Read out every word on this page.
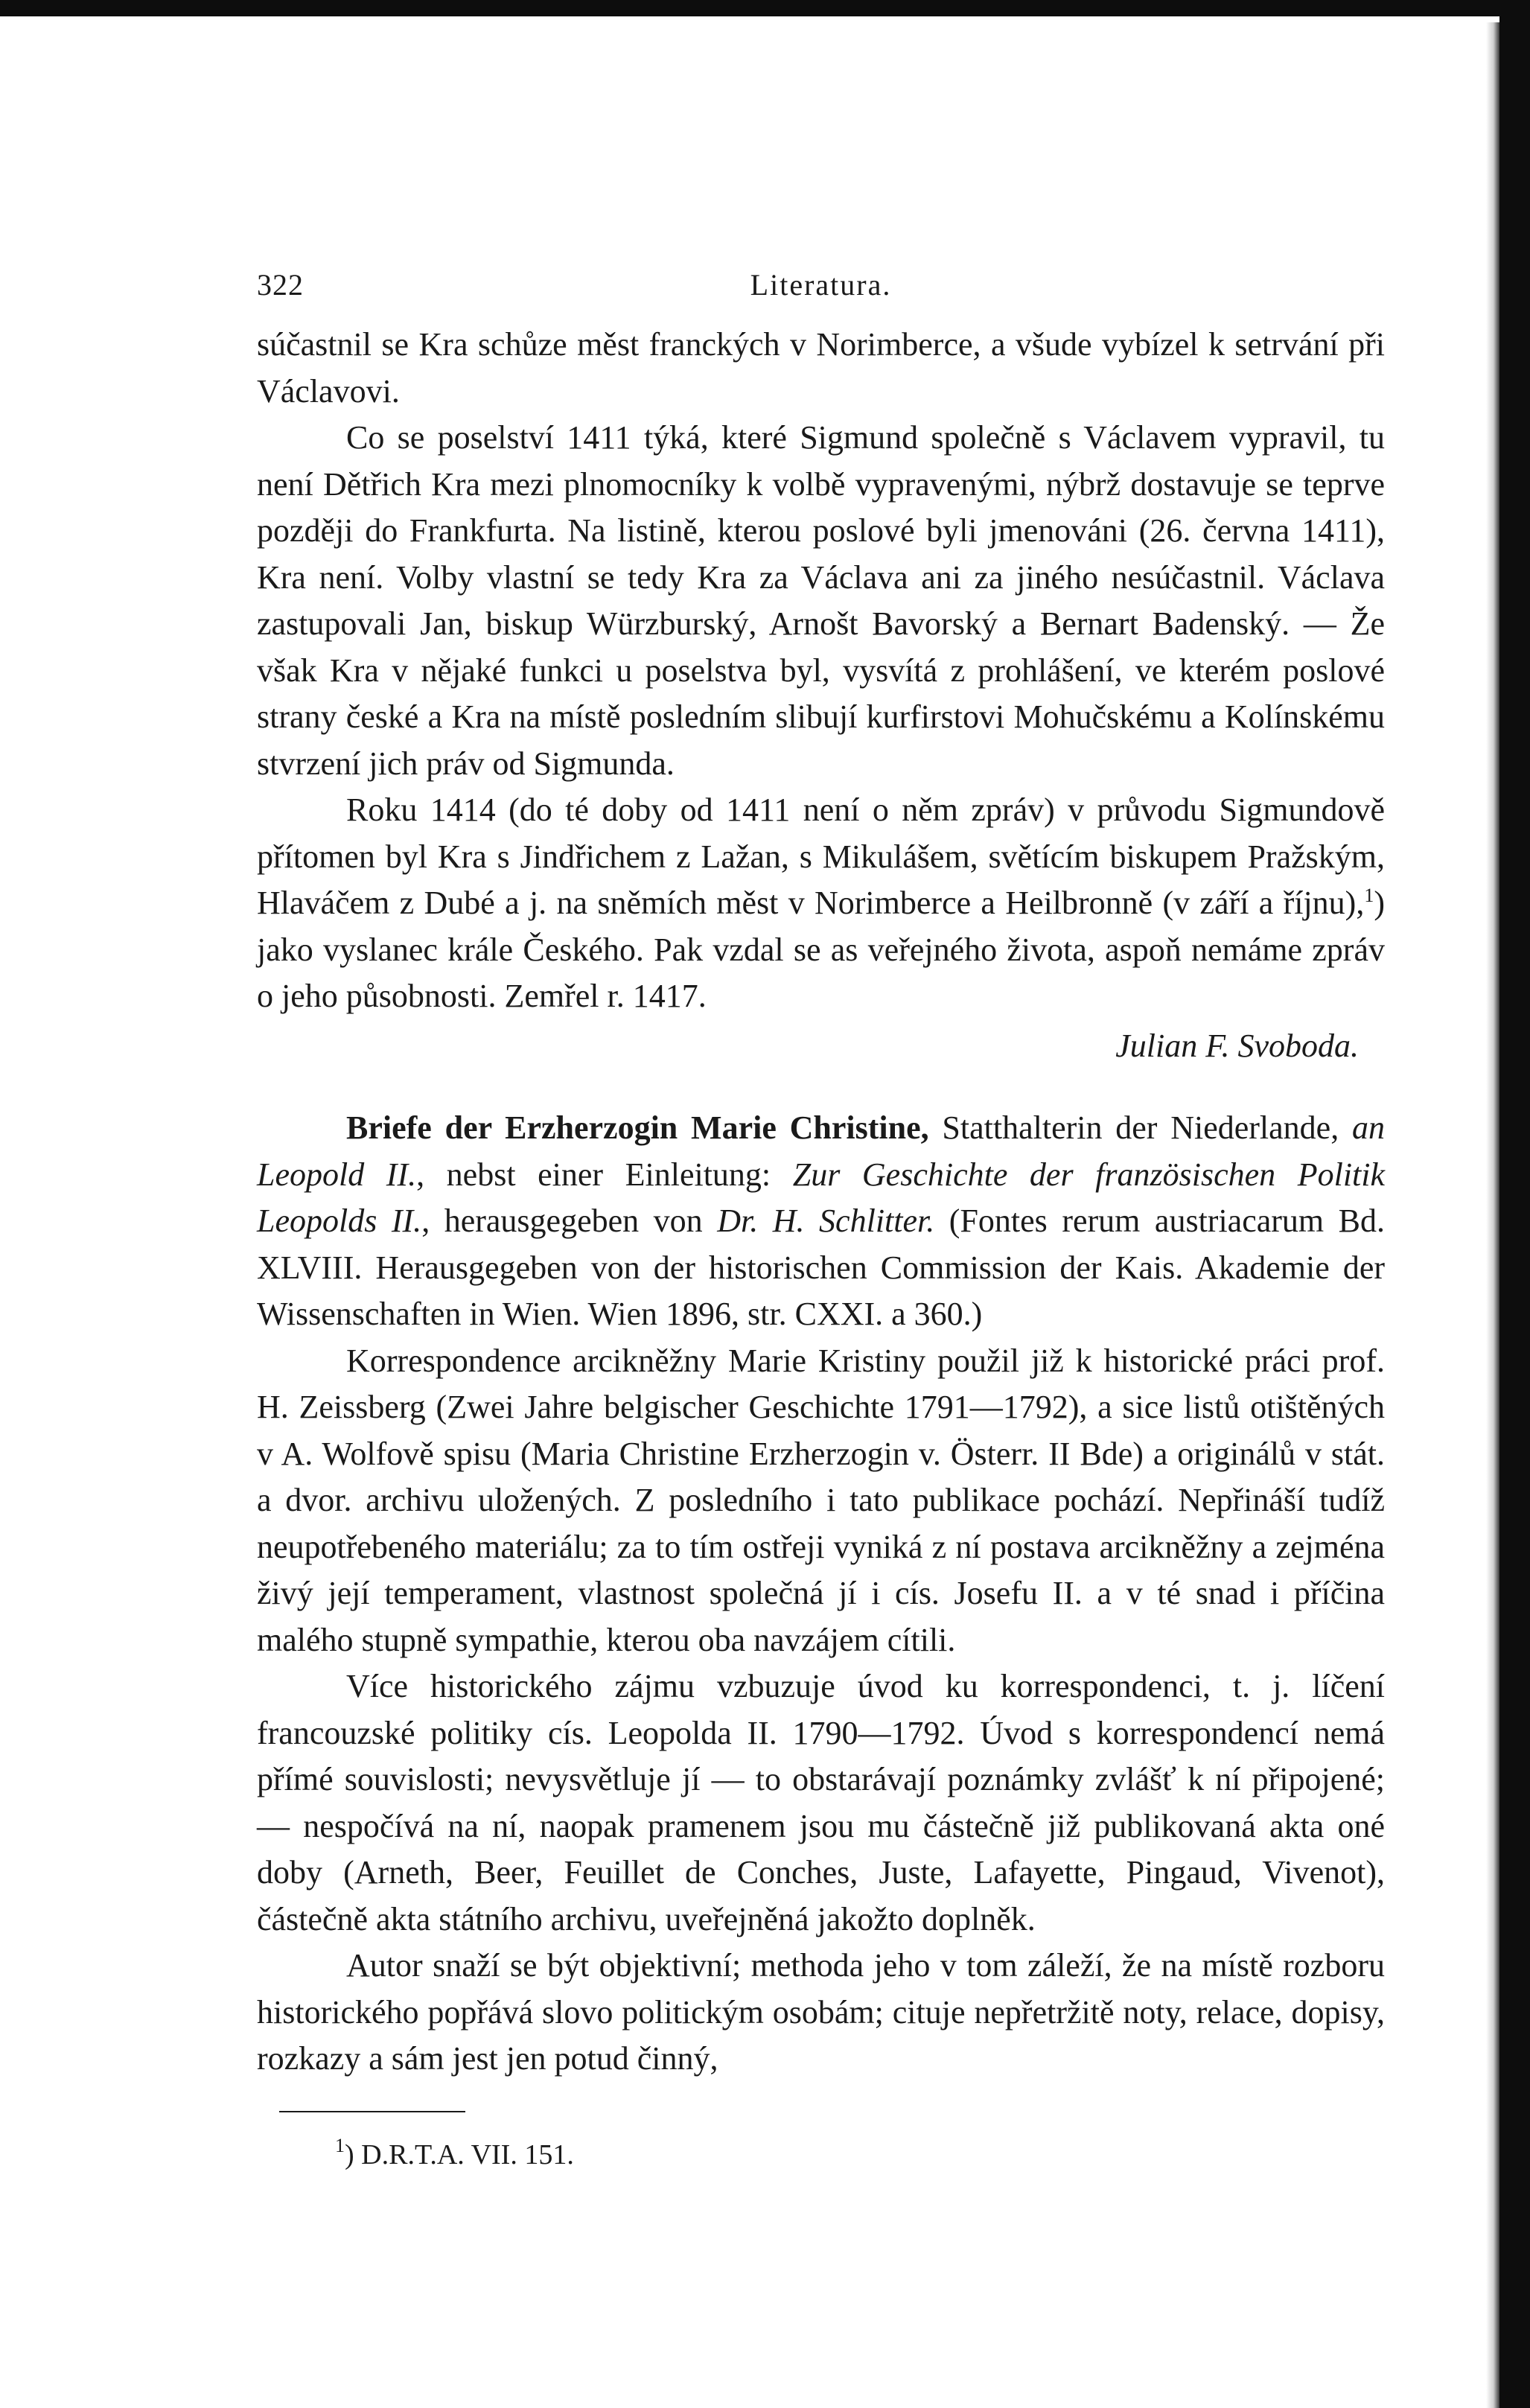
322	Literatura.

súčastnil se Kra schůze měst franckých v Norimberce, a všude vybízel k setrvání při Václavovi.

Co se poselství 1411 týká, které Sigmund společně s Václavem vypravil, tu není Dětřich Kra mezi plnomocníky k volbě vypravenými, nýbrž dostavuje se teprve později do Frankfurta. Na listině, kterou poslové byli jmenováni (26. června 1411), Kra není. Volby vlastní se tedy Kra za Václava ani za jiného nesúčastnil. Václava zastupovali Jan, biskup Würzburský, Arnošt Bavorský a Bernart Badenský. — Že však Kra v nějaké funkci u poselstva byl, vysvítá z prohlášení, ve kterém poslové strany české a Kra na místě posledním slibují kurfirstovi Mohučskému a Kolínskému stvrzení jich práv od Sigmunda.

Roku 1414 (do té doby od 1411 není o něm zpráv) v průvodu Sigmundově přítomen byl Kra s Jindřichem z Lažan, s Mikulášem, světícím biskupem Pražským, Hlaváčem z Dubé a j. na sněmích měst v Norimberce a Heilbronně (v září a říjnu),$^1$) jako vyslanec krále Českého. Pak vzdal se as veřejného života, aspoň nemáme zpráv o jeho působnosti. Zemřel r. 1417.

Julian F. Svoboda.

Briefe der Erzherzogin Marie Christine, Statthalterin der Niederlande, an Leopold II., nebst einer Einleitung: Zur Geschichte der französischen Politik Leopolds II., herausgegeben von Dr. H. Schlitter. (Fontes rerum austriacarum Bd. XLVIII. Herausgegeben von der historischen Commission der Kais. Akademie der Wissenschaften in Wien. Wien 1896, str. CXXI. a 360.)

Korrespondence arcikněžny Marie Kristiny použil již k historické práci prof. H. Zeissberg (Zwei Jahre belgischer Geschichte 1791—1792), a sice listů otištěných v A. Wolfově spisu (Maria Christine Erzherzogin v. Österr. II Bde) a originálů v stát. a dvor. archivu uložených. Z posledního i tato publikace pochází. Nepřináší tudíž neupotřebeného materiálu; za to tím ostřeji vyniká z ní postava arcikněžny a zejména živý její temperament, vlastnost společná jí i cís. Josefu II. a v té snad i příčina malého stupně sympathie, kterou oba navzájem cítili.

Více historického zájmu vzbuzuje úvod ku korrespondenci, t. j. líčení francouzské politiky cís. Leopolda II. 1790—1792. Úvod s korrespondencí nemá přímé souvislosti; nevysvětluje jí — to obstarávají poznámky zvlášť k ní připojené; — nespočívá na ní, naopak pramenem jsou mu částečně již publikovaná akta oné doby (Arneth, Beer, Feuillet de Conches, Juste, Lafayette, Pingaud, Vivenot), částečně akta státního archivu, uveřejněná jakožto doplněk.

Autor snaží se být objektivní; methoda jeho v tom záleží, že na místě rozboru historického popřává slovo politickým osobám; cituje nepřetržitě noty, relace, dopisy, rozkazy a sám jest jen potud činný,

$^1$) D.R.T.A. VII. 151.
